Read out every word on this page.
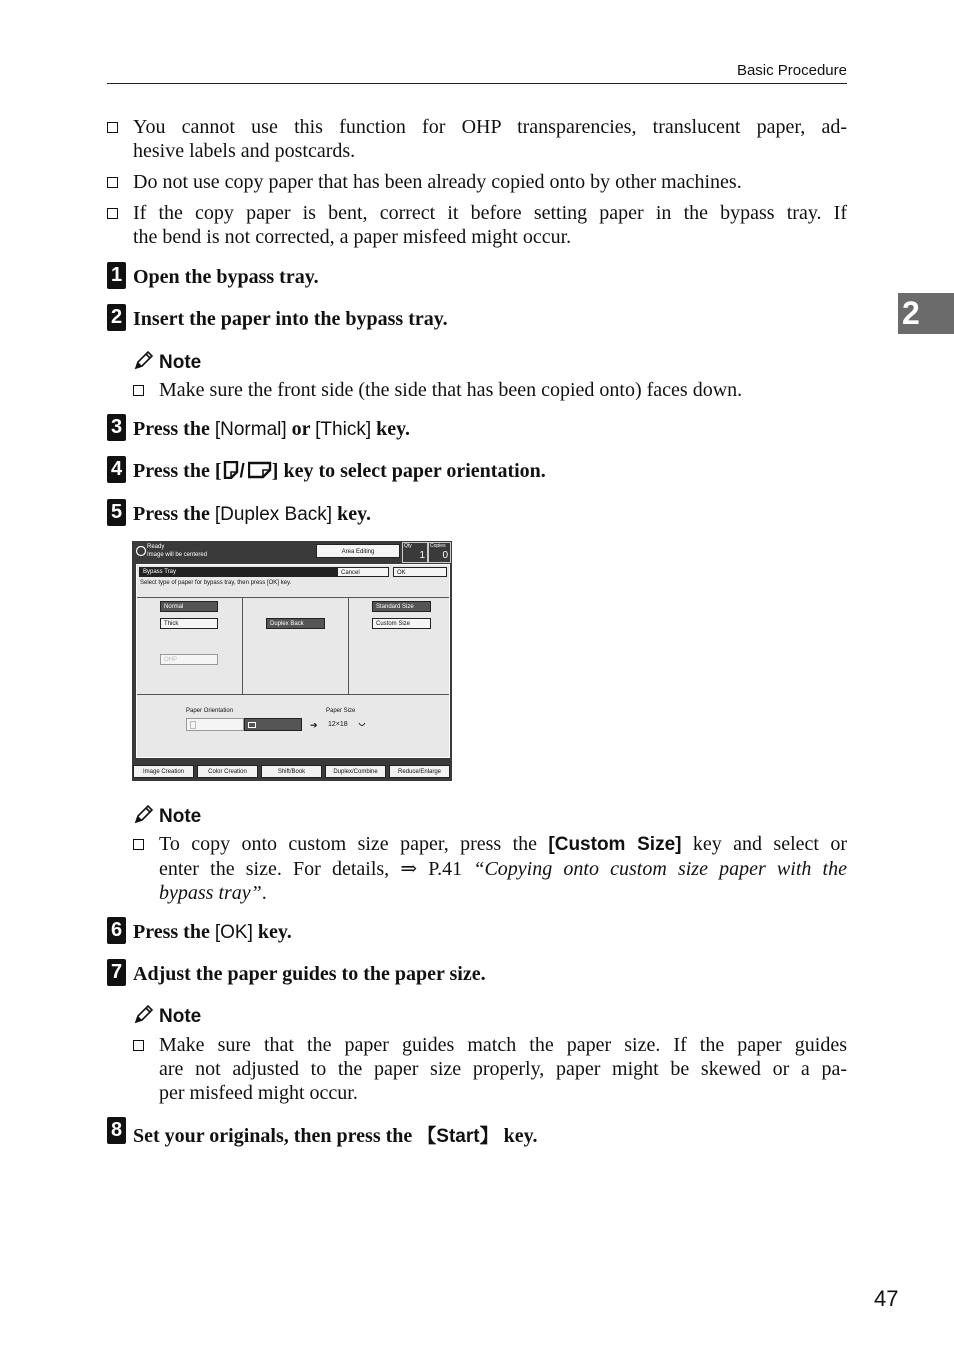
Basic Procedure
2
You cannot use this function for OHP transparencies, translucent paper, ad-
hesive labels and postcards.
Do not use copy paper that has been already copied onto by other machines.
If the copy paper is bent, correct it before setting paper in the bypass tray. If
the bend is not corrected, a paper misfeed might occur.
1 Open the bypass tray.
2 Insert the paper into the bypass tray.
Note
Make sure the front side (the side that has been copied onto) faces down.
3 Press the [Normal] or [Thick] key.
4 Press the [ / ] key to select paper orientation.
5 Press the [Duplex Back] key.
Ready
Image will be centered	Area Editing
Qty
1
Copies
0
Bypass Tray	Cancel	OK
Select type of paper for bypass tray, then press [OK] key.
Normal
Thick
OHP
Duplex Back
Standard Size
Custom Size
Paper Orientation
➔
Paper Size
12×18
Image Creation	Color Creation	Shift/Book	Duplex/Combine	Reduce/Enlarge
Note
To copy onto custom size paper, press the [Custom Size] key and select or
enter the size. For details, ⇒ P.41 “Copying onto custom size paper with the
bypass tray”.
6 Press the [OK] key.
7 Adjust the paper guides to the paper size.
Note
Make sure that the paper guides match the paper size. If the paper guides
are not adjusted to the paper size properly, paper might be skewed or a pa-
per misfeed might occur.
8 Set your originals, then press the 【Start】 key.
47
